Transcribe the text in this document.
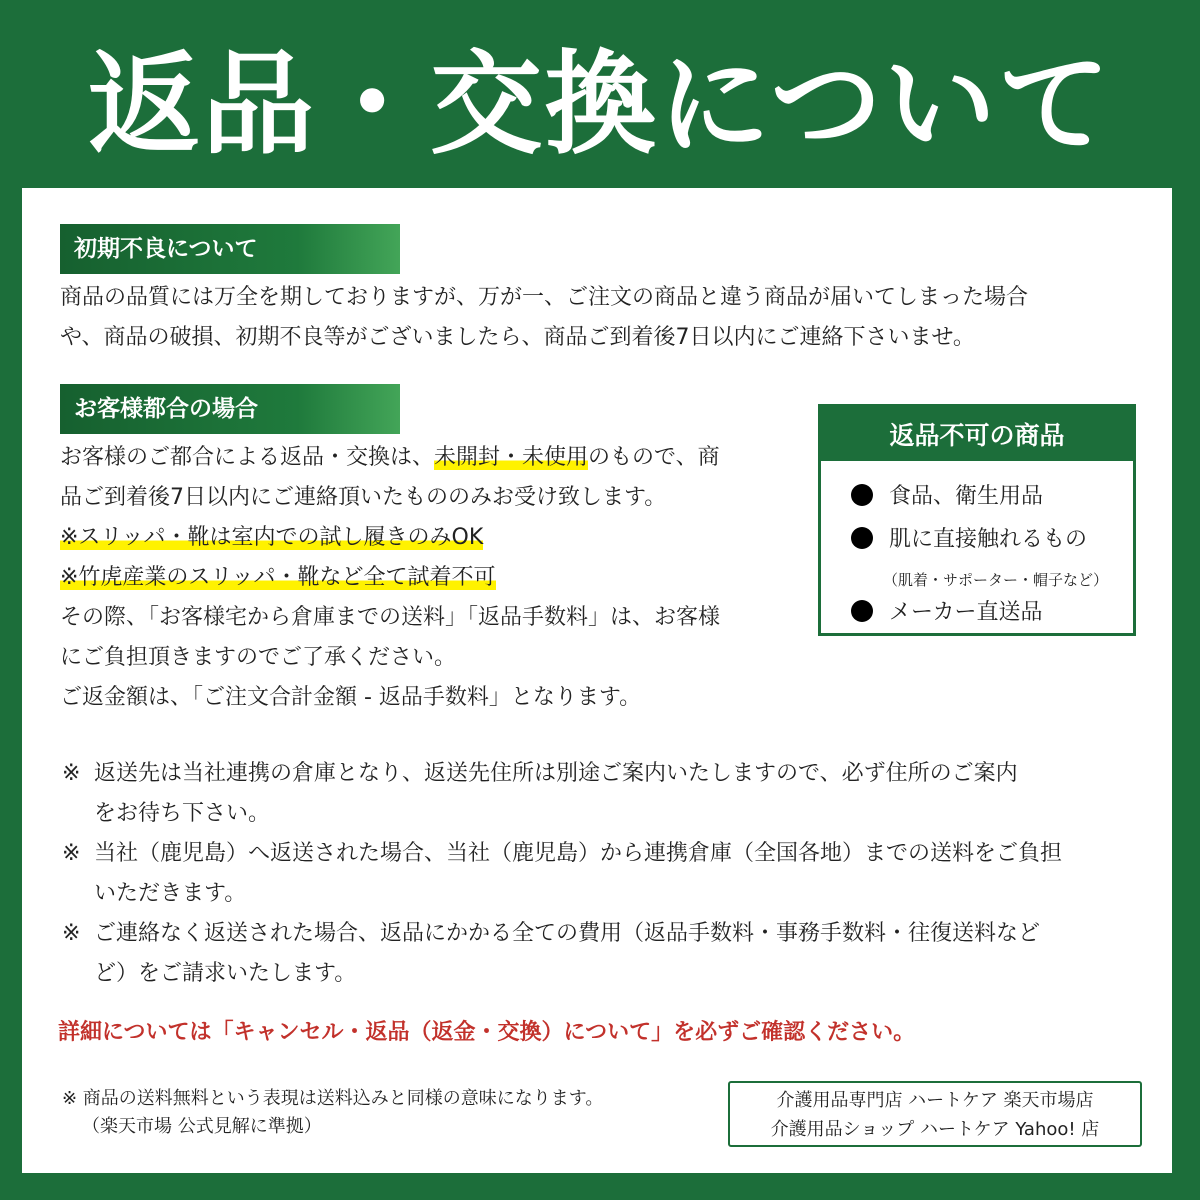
返品・交換について
初期不良について
商品の品質には万全を期しておりますが、万が一、ご注文の商品と違う商品が届いてしまった場合
や、商品の破損、初期不良等がございましたら、商品ご到着後7日以内にご連絡下さいませ。
お客様都合の場合
お客様のご都合による返品・交換は、未開封・未使用のもので、商
品ご到着後7日以内にご連絡頂いたもののみお受け致します。
※スリッパ・靴は室内での試し履きのみOK
※竹虎産業のスリッパ・靴など全て試着不可
その際、「お客様宅から倉庫までの送料」「返品手数料」は、お客様
にご負担頂きますのでご了承ください。
ご返金額は、「ご注文合計金額 - 返品手数料」となります。
返品不可の商品
食品、衛生用品
肌に直接触れるもの
（肌着・サポーター・帽子など）
メーカー直送品
※ 返送先は当社連携の倉庫となり、返送先住所は別途ご案内いたしますので、必ず住所のご案内
をお待ち下さい。
※ 当社（鹿児島）へ返送された場合、当社（鹿児島）から連携倉庫（全国各地）までの送料をご負担
いただきます。
※ ご連絡なく返送された場合、返品にかかる全ての費用（返品手数料・事務手数料・往復送料など
ど）をご請求いたします。
詳細については「キャンセル・返品（返金・交換）について」を必ずご確認ください。
※ 商品の送料無料という表現は送料込みと同様の意味になります。
（楽天市場 公式見解に準拠）
介護用品専門店 ハートケア 楽天市場店
介護用品ショップ ハートケア Yahoo! 店
